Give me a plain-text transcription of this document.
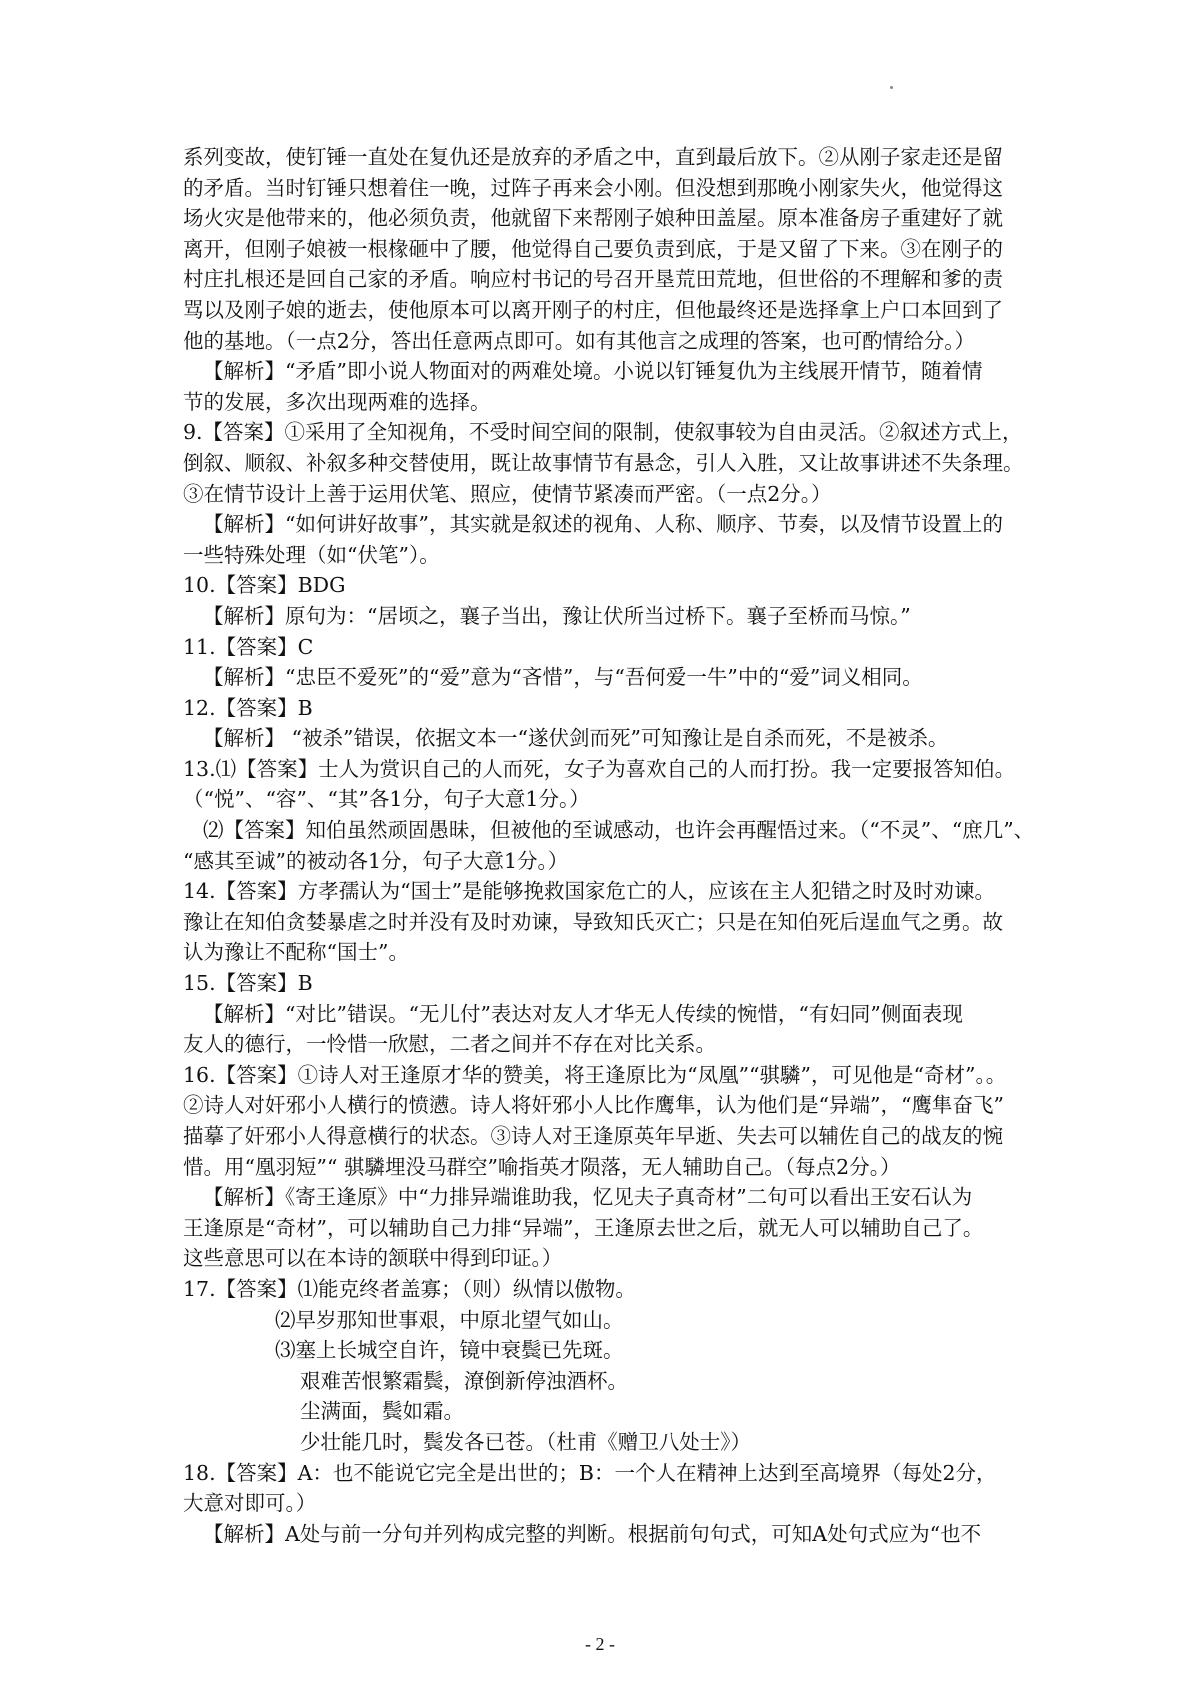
系列变故，使钉锤一直处在复仇还是放弃的矛盾之中，直到最后放下。②从刚子家走还是留
的矛盾。当时钉锤只想着住一晚，过阵子再来会小刚。但没想到那晚小刚家失火，他觉得这
场火灾是他带来的，他必须负责，他就留下来帮刚子娘种田盖屋。原本准备房子重建好了就
离开，但刚子娘被一根椽砸中了腰，他觉得自己要负责到底，于是又留了下来。③在刚子的
村庄扎根还是回自己家的矛盾。响应村书记的号召开垦荒田荒地，但世俗的不理解和爹的责
骂以及刚子娘的逝去，使他原本可以离开刚子的村庄，但他最终还是选择拿上户口本回到了
他的基地。（一点2分，答出任意两点即可。如有其他言之成理的答案，也可酌情给分。）
【解析】“矛盾”即小说人物面对的两难处境。小说以钉锤复仇为主线展开情节，随着情
节的发展，多次出现两难的选择。
9.【答案】①采用了全知视角，不受时间空间的限制，使叙事较为自由灵活。②叙述方式上，
倒叙、顺叙、补叙多种交替使用，既让故事情节有悬念，引人入胜，又让故事讲述不失条理。
③在情节设计上善于运用伏笔、照应，使情节紧凑而严密。（一点2分。）
【解析】“如何讲好故事”，其实就是叙述的视角、人称、顺序、节奏，以及情节设置上的
一些特殊处理（如“伏笔”）。
10.【答案】BDG
【解析】原句为：“居顷之，襄子当出，豫让伏所当过桥下。襄子至桥而马惊。”
11.【答案】C
【解析】“忠臣不爱死”的“爱”意为“吝惜”，与“吾何爱一牛”中的“爱”词义相同。
12.【答案】B
【解析】 “被杀”错误，依据文本一“遂伏剑而死”可知豫让是自杀而死，不是被杀。
13.⑴【答案】士人为赏识自己的人而死，女子为喜欢自己的人而打扮。我一定要报答知伯。
（“悦”、“容”、“其”各1分，句子大意1分。）
⑵【答案】知伯虽然顽固愚昧，但被他的至诚感动，也许会再醒悟过来。（“不灵”、“庶几”、
“感其至诚”的被动各1分，句子大意1分。）
14.【答案】方孝孺认为“国士”是能够挽救国家危亡的人，应该在主人犯错之时及时劝谏。
豫让在知伯贪婪暴虐之时并没有及时劝谏，导致知氏灭亡；只是在知伯死后逞血气之勇。故
认为豫让不配称“国士”。
15.【答案】B
【解析】“对比”错误。“无儿付”表达对友人才华无人传续的惋惜，“有妇同”侧面表现
友人的德行，一怜惜一欣慰，二者之间并不存在对比关系。
16.【答案】①诗人对王逢原才华的赞美，将王逢原比为“凤凰”“骐驎”，可见他是“奇材”。。
②诗人对奸邪小人横行的愤懑。诗人将奸邪小人比作鹰隼，认为他们是“异端”，“鹰隼奋飞”
描摹了奸邪小人得意横行的状态。③诗人对王逢原英年早逝、失去可以辅佐自己的战友的惋
惜。用“凰羽短”“ 骐驎埋没马群空”喻指英才陨落，无人辅助自己。（每点2分。）
【解析】《寄王逢原》中“力排异端谁助我，忆见夫子真奇材”二句可以看出王安石认为
王逢原是“奇材”，可以辅助自己力排“异端”，王逢原去世之后，就无人可以辅助自己了。
这些意思可以在本诗的颔联中得到印证。）
17.【答案】⑴能克终者盖寡；（则）纵情以傲物。
⑵早岁那知世事艰，中原北望气如山。
⑶塞上长城空自许，镜中衰鬓已先斑。
艰难苦恨繁霜鬓，潦倒新停浊酒杯。
尘满面，鬓如霜。
少壮能几时，鬓发各已苍。（杜甫《赠卫八处士》）
18.【答案】A：也不能说它完全是出世的；B：一个人在精神上达到至高境界（每处2分，
大意对即可。）
【解析】A处与前一分句并列构成完整的判断。根据前句句式，可知A处句式应为“也不
- 2 -
